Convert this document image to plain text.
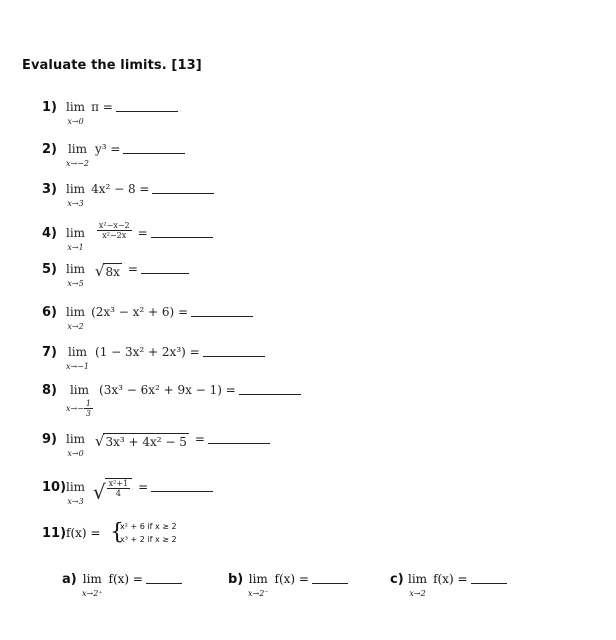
Evaluate the limits. [13]
1) lim
x→0
π =
2) lim
x→−2
y³ =
3) lim
x→3
4x² − 8 =
4) lim
x→1

$\frac{\text{x²−x−2}}{\text{x²−2x}}$ =
5) lim
x→5
√8x =
6) lim
x→2
(2x³ − x² + 6) =
7) lim
x→−1
(1 − 3x² + 2x³) =
8)	lim
$x\to- \frac{1}{3}$
(3x³ − 6x² + 9x − 1) =
9) lim
x→0
√3x³ + 4x² − 5 =
10) lim
x→3 √ $\frac{\text{x²+1}}{4}$ =
11) f(x) = {
x² + 6 if x ≥ 2
x³ + 2 if x ≥ 2
a) lim
x→2⁺
f(x) =	b) lim
x→2⁻
f(x) =	c) lim
x→2
f(x) =
